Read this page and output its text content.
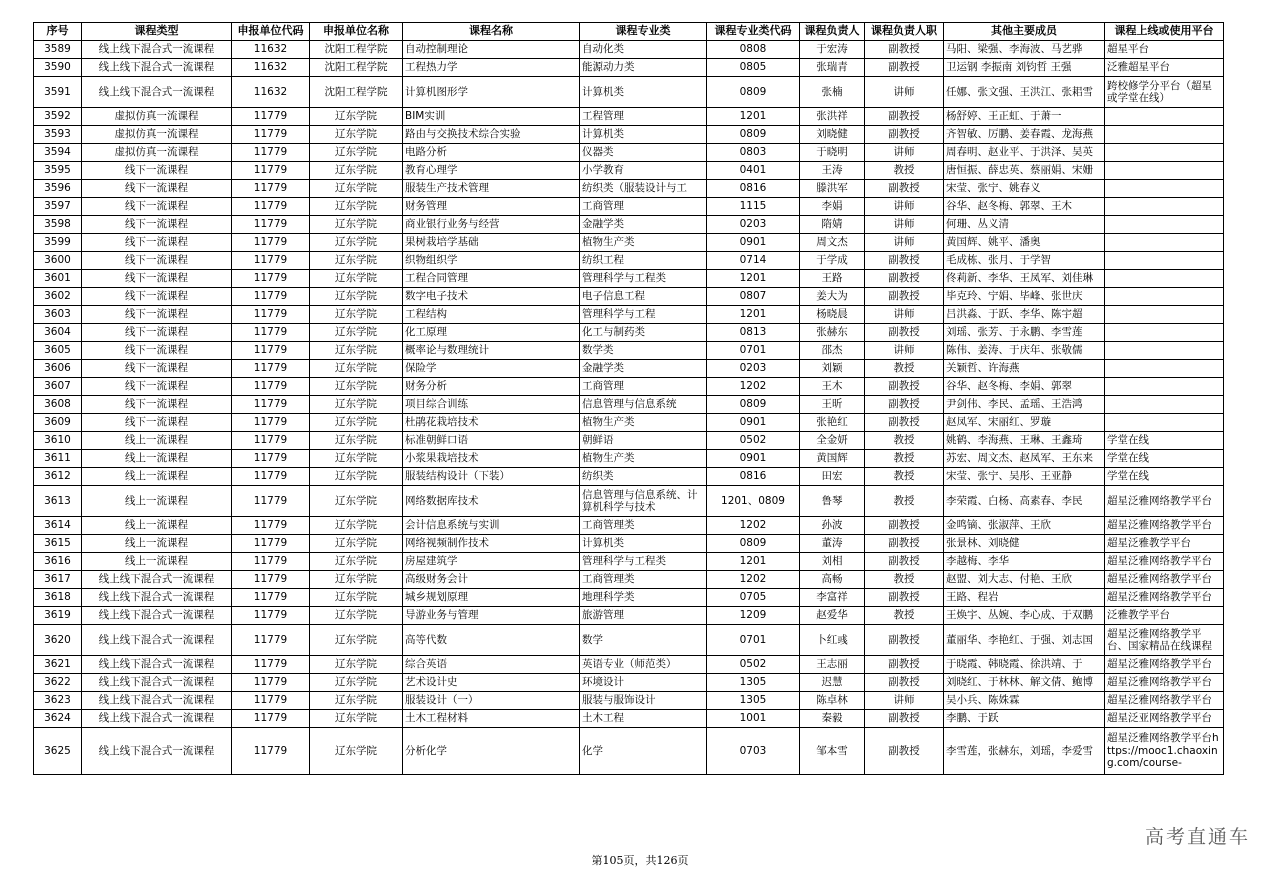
序号	课程类型	申报单位代码	申报单位名称	课程名称	课程专业类	课程专业类代码	课程负责人	课程负责人职	其他主要成员	课程上线或使用平台
3589	线上线下混合式一流课程	11632	沈阳工程学院	自动控制理论	自动化类	0808	于宏涛	副教授	马阳、梁强、李海波、马艺骅	超星平台
3590	线上线下混合式一流课程	11632	沈阳工程学院	工程热力学	能源动力类	0805	张瑞青	副教授	卫运钢 李振南 刘钧哲 王强	泛雅超星平台
3591	线上线下混合式一流课程	11632	沈阳工程学院	计算机图形学	计算机类	0809	张楠	讲师	任娜、张文强、王洪江、张耜雪	跨校修学分平台（超星或学堂在线）
3592	虚拟仿真一流课程	11779	辽东学院	BIM实训	工程管理	1201	张洪祥	副教授	杨舒婷、王正虹、于萧一	
3593	虚拟仿真一流课程	11779	辽东学院	路由与交换技术综合实验	计算机类	0809	刘晓健	副教授	齐智敏、厉鹏、姜春霞、龙海燕	
3594	虚拟仿真一流课程	11779	辽东学院	电路分析	仪器类	0803	于晓明	讲师	周春明、赵业平、于洪泽、吴英	
3595	线下一流课程	11779	辽东学院	教育心理学	小学教育	0401	王涛	教授	唐恒振、薛忠英、蔡丽娟、宋姗	
3596	线下一流课程	11779	辽东学院	服装生产技术管理	纺织类（服装设计与工	0816	滕洪军	副教授	宋莹、张宁、姚春义	
3597	线下一流课程	11779	辽东学院	财务管理	工商管理	1115	李娟	讲师	谷华、赵冬梅、郭翠、王木	
3598	线下一流课程	11779	辽东学院	商业银行业务与经营	金融学类	0203	隋婧	讲师	何珊、丛义清	
3599	线下一流课程	11779	辽东学院	果树栽培学基础	植物生产类	0901	周文杰	讲师	黄国辉、姚平、潘奥	
3600	线下一流课程	11779	辽东学院	织物组织学	纺织工程	0714	于学成	副教授	毛成栋、张月、于学智	
3601	线下一流课程	11779	辽东学院	工程合同管理	管理科学与工程类	1201	王路	副教授	佟莉新、李华、王凤军、刘佳琳	
3602	线下一流课程	11779	辽东学院	数字电子技术	电子信息工程	0807	姜大为	副教授	毕克玲、宁娟、毕峰、张世庆	
3603	线下一流课程	11779	辽东学院	工程结构	管理科学与工程	1201	杨晓晨	讲师	吕洪淼、于跃、李华、陈宇超	
3604	线下一流课程	11779	辽东学院	化工原理	化工与制药类	0813	张赫东	副教授	刘瑶、张芳、于永鹏、李雪莲	
3605	线下一流课程	11779	辽东学院	概率论与数理统计	数学类	0701	邵杰	讲师	陈伟、姜涛、于庆年、张敬儒	
3606	线下一流课程	11779	辽东学院	保险学	金融学类	0203	刘颖	教授	关颖哲、许海燕	
3607	线下一流课程	11779	辽东学院	财务分析	工商管理	1202	王木	副教授	谷华、赵冬梅、李娟、郭翠	
3608	线下一流课程	11779	辽东学院	项目综合训练	信息管理与信息系统	0809	王昕	副教授	尹剑伟、李民、孟瑶、王浩鸿	
3609	线下一流课程	11779	辽东学院	杜鹃花栽培技术	植物生产类	0901	张艳红	副教授	赵凤军、宋丽红、罗璇	
3610	线上一流课程	11779	辽东学院	标准朝鲜口语	朝鲜语	0502	全金妍	教授	姚鹤、李海燕、王琳、王鑫琦	学堂在线
3611	线上一流课程	11779	辽东学院	小浆果栽培技术	植物生产类	0901	黄国辉	教授	苏宏、周文杰、赵凤军、王东来	学堂在线
3612	线上一流课程	11779	辽东学院	服装结构设计（下装）	纺织类	0816	田宏	教授	宋莹、张宁、吴彤、王亚静	学堂在线
3613	线上一流课程	11779	辽东学院	网络数据库技术	信息管理与信息系统、计算机科学与技术	1201、0809	鲁琴	教授	李荣霞、白杨、高素春、李民	超星泛雅网络教学平台
3614	线上一流课程	11779	辽东学院	会计信息系统与实训	工商管理类	1202	孙波	副教授	金鸣镝、张淑萍、王欣	超星泛雅网络教学平台
3615	线上一流课程	11779	辽东学院	网络视频制作技术	计算机类	0809	董涛	副教授	张景林、刘晓健	超星泛雅教学平台
3616	线上一流课程	11779	辽东学院	房屋建筑学	管理科学与工程类	1201	刘相	副教授	李越梅、李华	超星泛雅网络教学平台
3617	线上线下混合式一流课程	11779	辽东学院	高级财务会计	工商管理类	1202	高畅	教授	赵盟、刘大志、付艳、王欣	超星泛雅网络教学平台
3618	线上线下混合式一流课程	11779	辽东学院	城乡规划原理	地理科学类	0705	李富祥	副教授	王路、程岩	超星泛雅网络教学平台
3619	线上线下混合式一流课程	11779	辽东学院	导游业务与管理	旅游管理	1209	赵爱华	教授	王焕宇、丛婉、李心成、于双鹏	泛雅教学平台
3620	线上线下混合式一流课程	11779	辽东学院	高等代数	数学	0701	卜红彧	副教授	董丽华、李艳红、于强、刘志国	超星泛雅网络教学平台、国家精品在线课程
3621	线上线下混合式一流课程	11779	辽东学院	综合英语	英语专业（师范类）	0502	王志丽	副教授	于晓霞、韩晓霞、徐洪靖、于	超星泛雅网络教学平台
3622	线上线下混合式一流课程	11779	辽东学院	艺术设计史	环境设计	1305	迟慧	副教授	刘晓红、于林林、解文倩、鲍博	超星泛雅网络教学平台
3623	线上线下混合式一流课程	11779	辽东学院	服装设计（一）	服装与服饰设计	1305	陈卓林	讲师	吴小兵、陈姝霖	超星泛雅网络教学平台
3624	线上线下混合式一流课程	11779	辽东学院	土木工程材料	土木工程	1001	秦毅	副教授	李鹏、于跃	超星泛亚网络教学平台
3625	线上线下混合式一流课程	11779	辽东学院	分析化学	化学	0703	邹本雪	副教授	李雪莲，张赫东，刘瑶，李爱雪	超星泛雅网络教学平台https://mooc1.chaoxing.com/course-
高考直通车
第105页，共126页
